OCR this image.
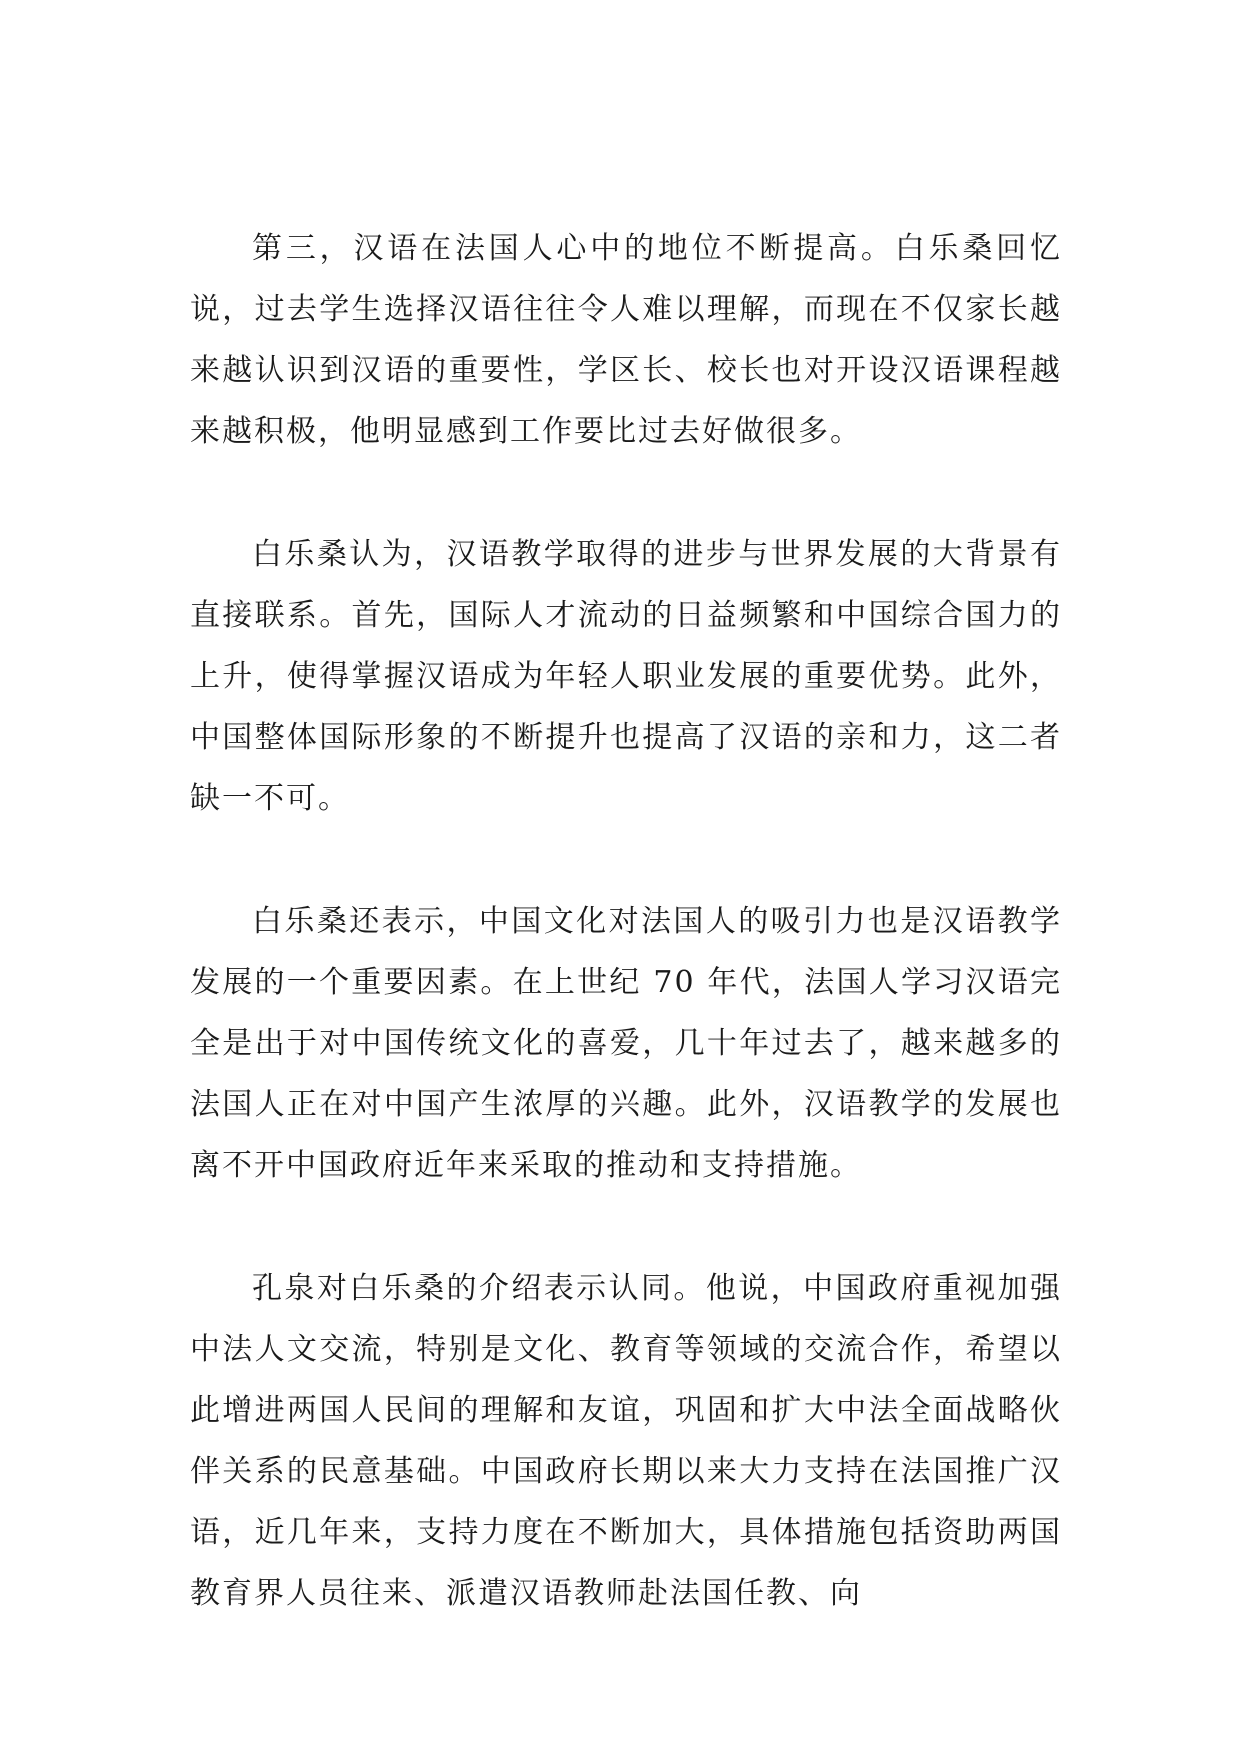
第三，汉语在法国人心中的地位不断提高。白乐桑回忆说，过去学生选择汉语往往令人难以理解，而现在不仅家长越来越认识到汉语的重要性，学区长、校长也对开设汉语课程越来越积极，他明显感到工作要比过去好做很多。

白乐桑认为，汉语教学取得的进步与世界发展的大背景有直接联系。首先，国际人才流动的日益频繁和中国综合国力的上升，使得掌握汉语成为年轻人职业发展的重要优势。此外，中国整体国际形象的不断提升也提高了汉语的亲和力，这二者缺一不可。

白乐桑还表示，中国文化对法国人的吸引力也是汉语教学发展的一个重要因素。在上世纪 70 年代，法国人学习汉语完全是出于对中国传统文化的喜爱，几十年过去了，越来越多的法国人正在对中国产生浓厚的兴趣。此外，汉语教学的发展也离不开中国政府近年来采取的推动和支持措施。

孔泉对白乐桑的介绍表示认同。他说，中国政府重视加强中法人文交流，特别是文化、教育等领域的交流合作，希望以此增进两国人民间的理解和友谊，巩固和扩大中法全面战略伙伴关系的民意基础。中国政府长期以来大力支持在法国推广汉语，近几年来，支持力度在不断加大，具体措施包括资助两国教育界人员往来、派遣汉语教师赴法国任教、向
